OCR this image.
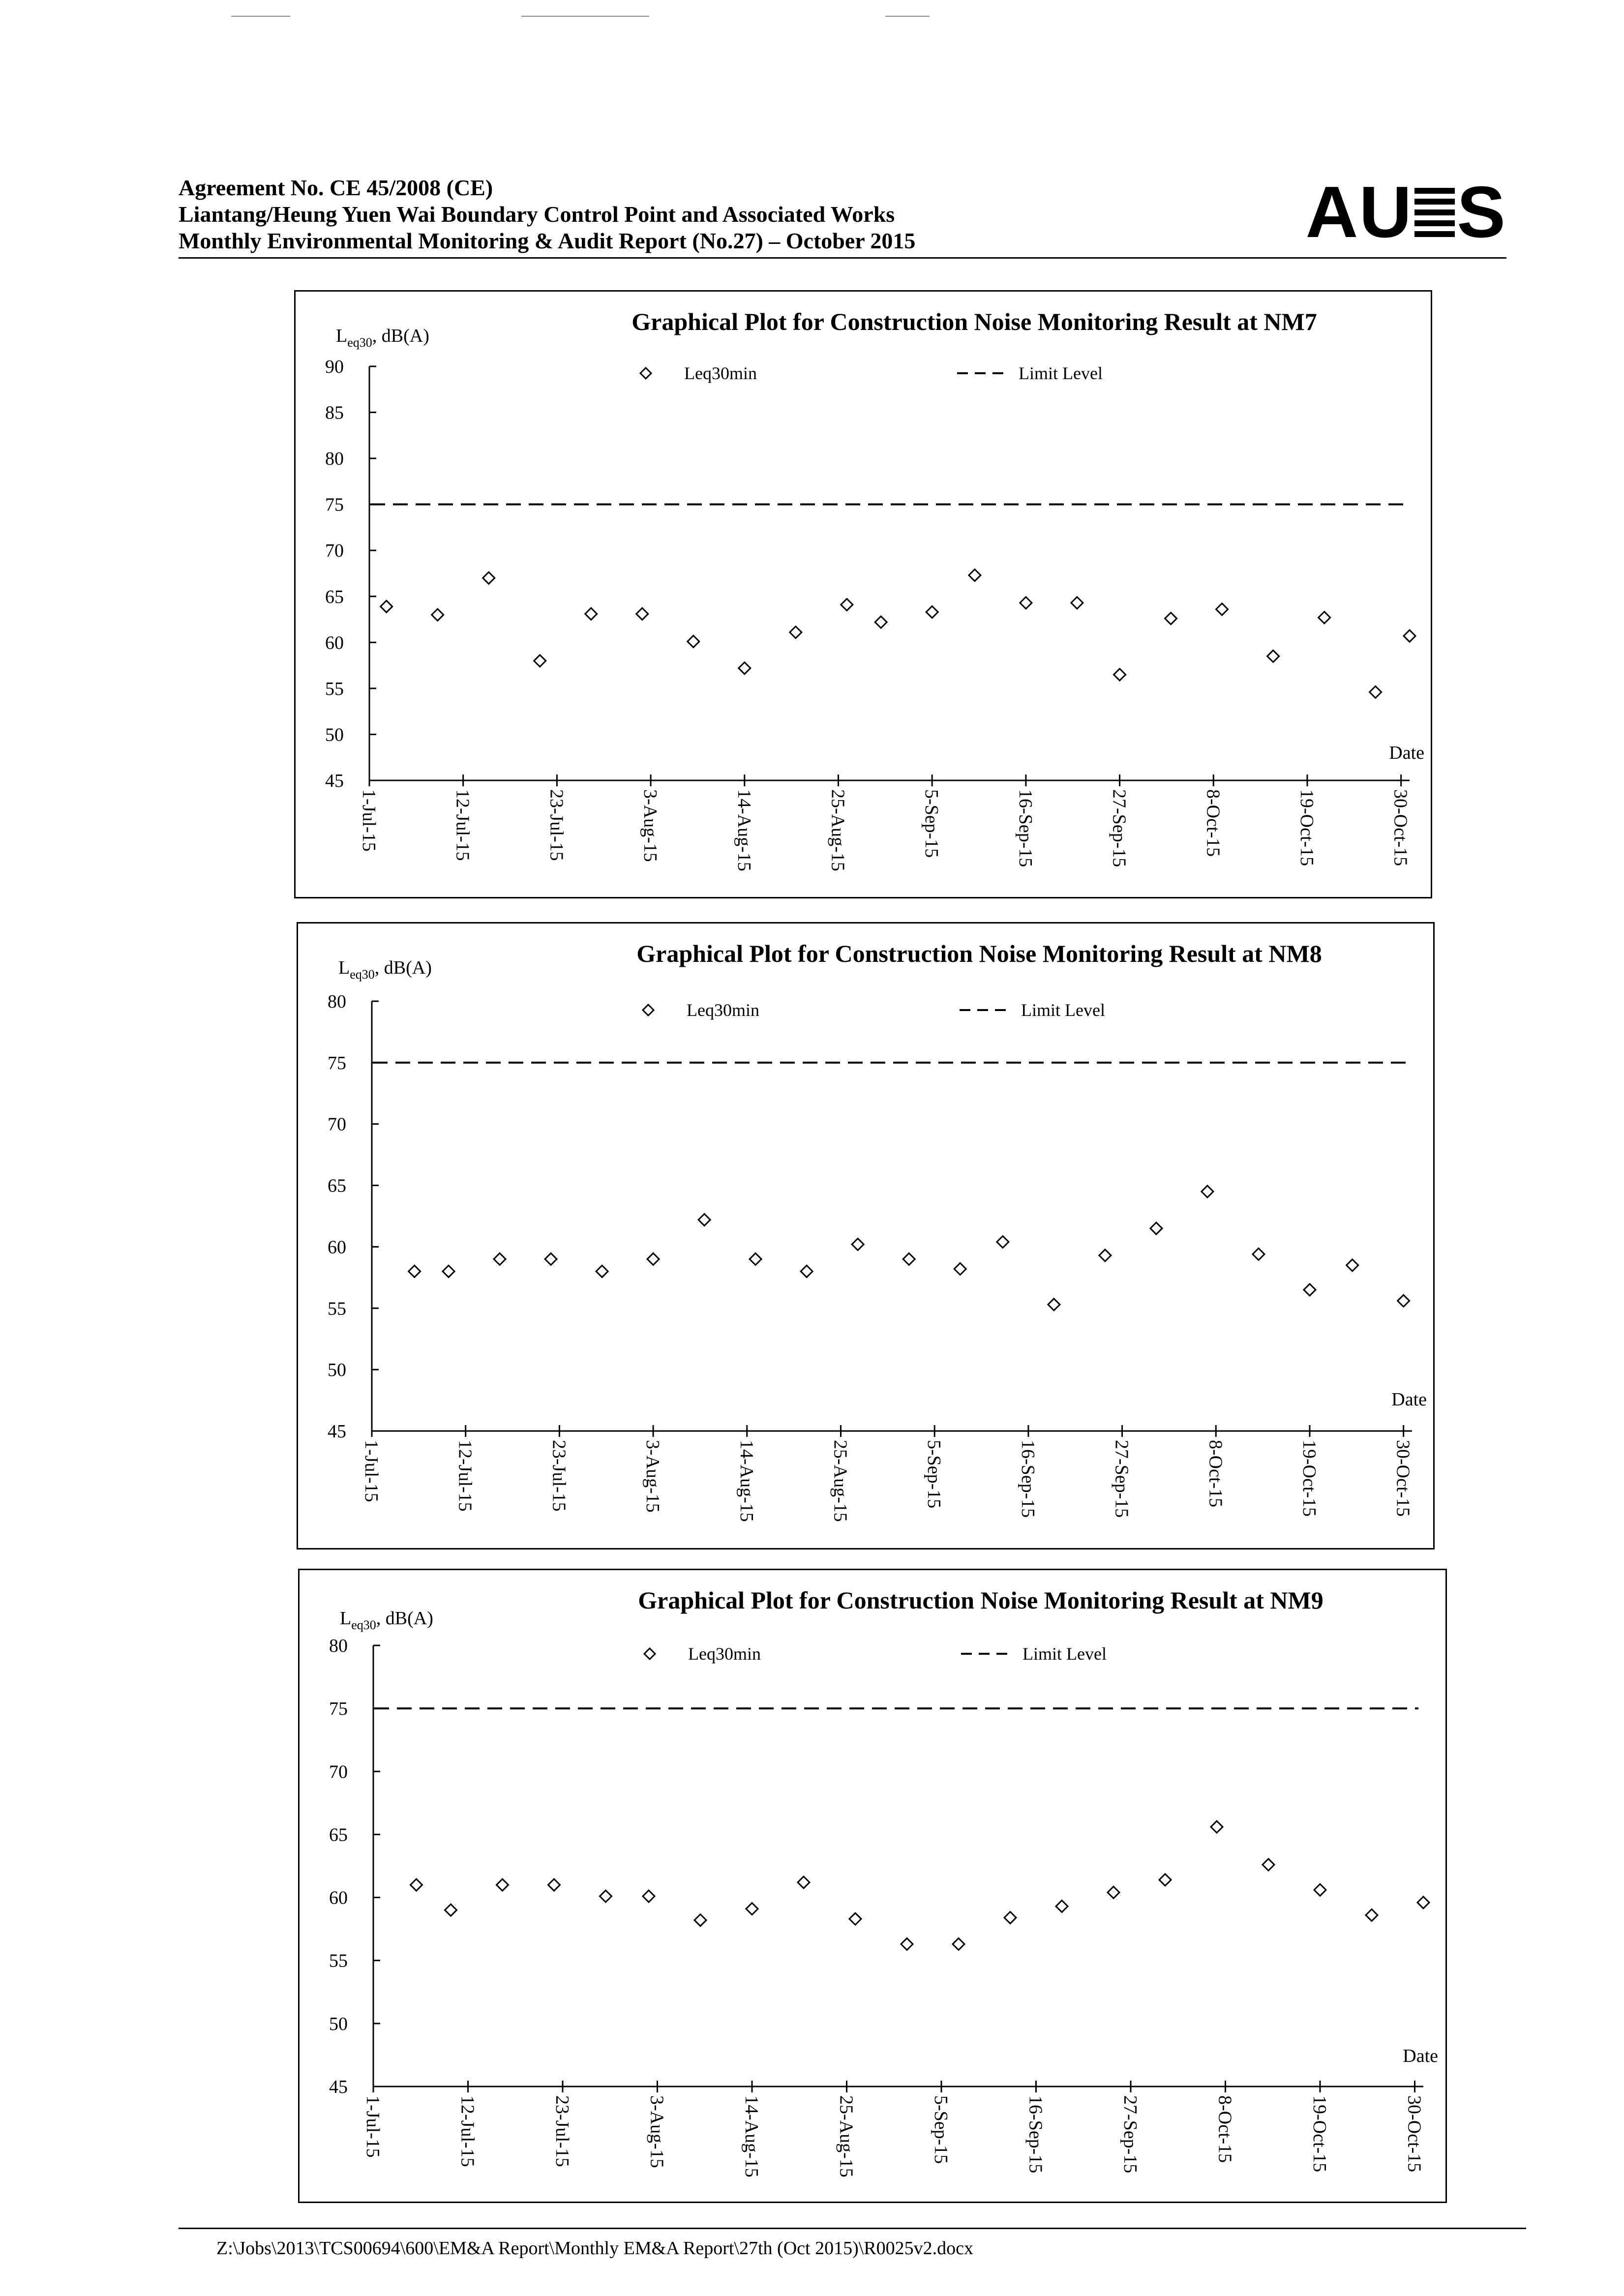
Agreement No. CE 45/2008 (CE)
Liantang/Heung Yuen Wai Boundary Control Point and Associated Works
Monthly Environmental Monitoring & Audit Report (No.27) – October 2015	AU S
Graphical Plot for Construction Noise Monitoring Result at NM7
$L_{eq30}$, dB(A)
45
50
55
60
65
70
75
80
85
90
1-Jul-15	12-Jul-15	23-Jul-15	3-Aug-15	14-Aug-15	25-Aug-15	5-Sep-15	16-Sep-15	27-Sep-15	8-Oct-15	19-Oct-15	30-Oct-15
Date
Leq30min	Limit Level
Graphical Plot for Construction Noise Monitoring Result at NM8
$L_{eq30}$, dB(A)
45
50
55
60
65
70
75
80
1-Jul-15	12-Jul-15	23-Jul-15	3-Aug-15	14-Aug-15	25-Aug-15	5-Sep-15	16-Sep-15	27-Sep-15	8-Oct-15	19-Oct-15	30-Oct-15
Date
Leq30min	Limit Level
Graphical Plot for Construction Noise Monitoring Result at NM9
$L_{eq30}$, dB(A)
45
50
55
60
65
70
75
80
1-Jul-15	12-Jul-15	23-Jul-15	3-Aug-15	14-Aug-15	25-Aug-15	5-Sep-15	16-Sep-15	27-Sep-15	8-Oct-15	19-Oct-15	30-Oct-15
Date
Leq30min	Limit Level
Z:\Jobs\2013\TCS00694\600\EM&A Report\Monthly EM&A Report\27th (Oct 2015)\R0025v2.docx
